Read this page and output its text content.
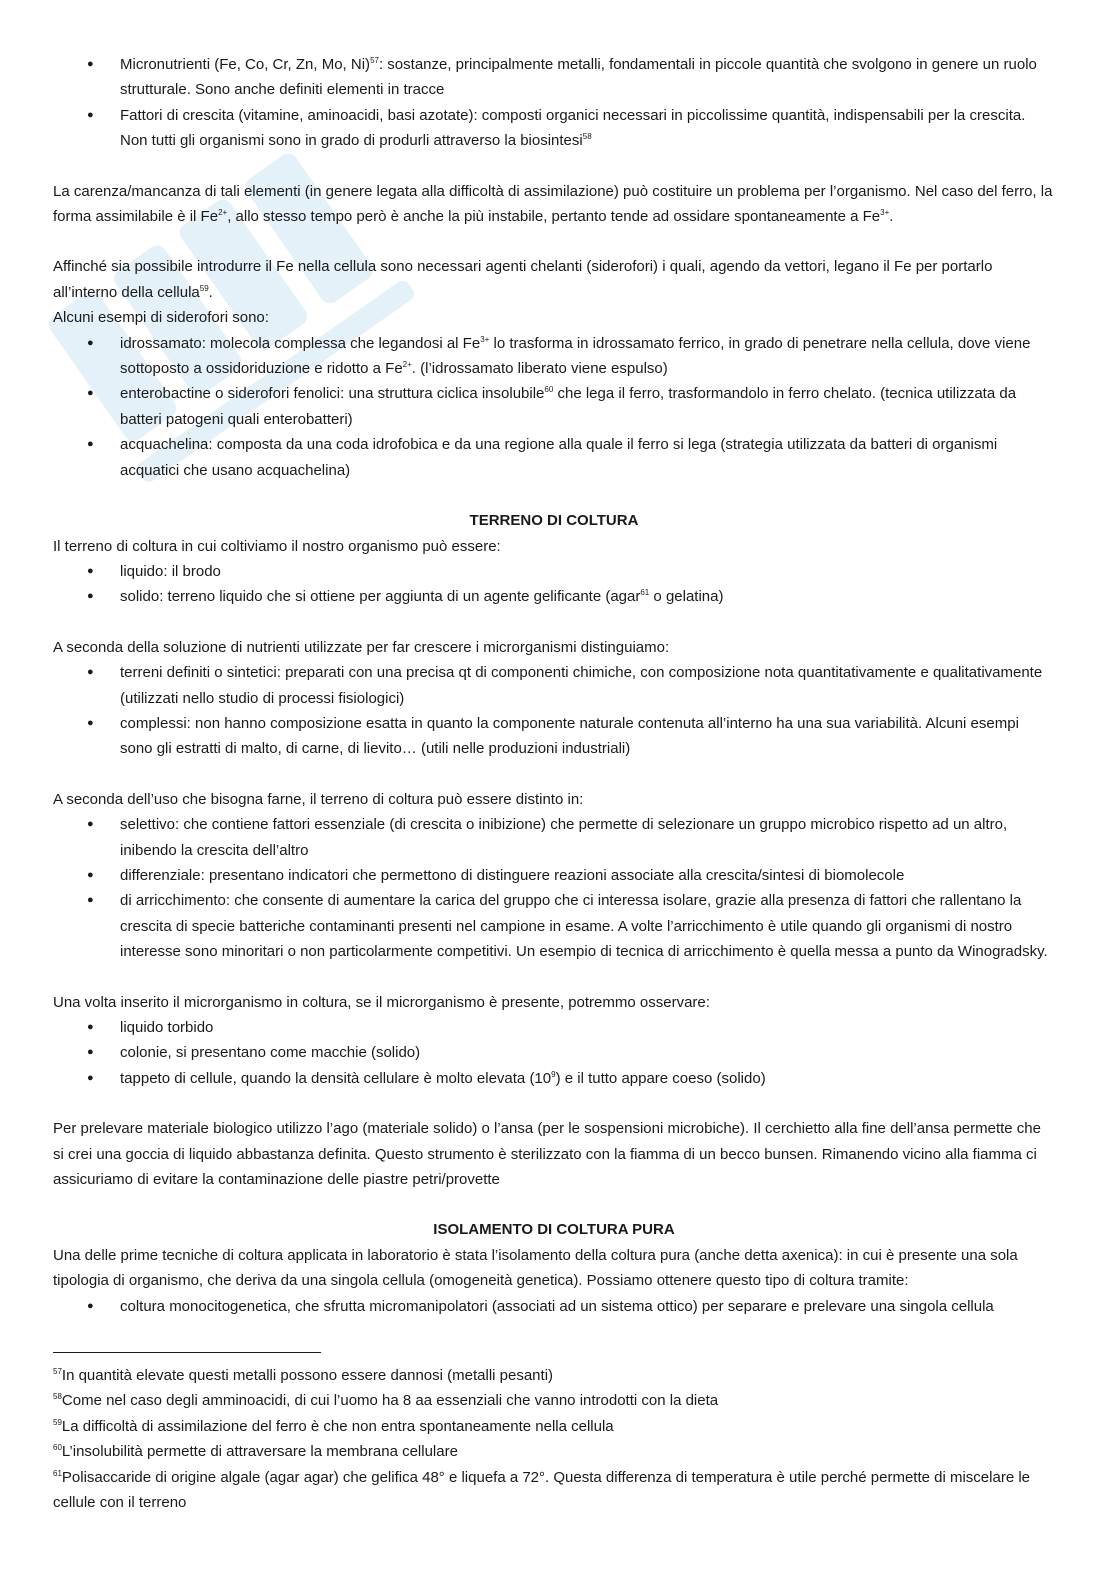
● Micronutrienti (Fe, Co, Cr, Zn, Mo, Ni)$^{57}$: sostanze, principalmente metalli, fondamentali in piccole quantità che svolgono in genere un ruolo strutturale. Sono anche definiti elementi in tracce
● Fattori di crescita (vitamine, aminoacidi, basi azotate): composti organici necessari in piccolissime quantità, indispensabili per la crescita. Non tutti gli organismi sono in grado di produrli attraverso la biosintesi$^{58}$

La carenza/mancanza di tali elementi (in genere legata alla difficoltà di assimilazione) può costituire un problema per l’organismo. Nel caso del ferro, la forma assimilabile è il $Fe^{2+}$, allo stesso tempo però è anche la più instabile, pertanto tende ad ossidare spontaneamente a $Fe^{3+}$.

Affinché sia possibile introdurre il Fe nella cellula sono necessari agenti chelanti (siderofori) i quali, agendo da vettori, legano il Fe per portarlo all’interno della cellula$^{59}$.

Alcuni esempi di siderofori sono:

● idrossamato: molecola complessa che legandosi al $Fe^{3+}$ lo trasforma in idrossamato ferrico, in grado di penetrare nella cellula, dove viene sottoposto a ossidoriduzione e ridotto a $Fe^{2+}$. (l’idrossamato liberato viene espulso)
● enterobactine o siderofori fenolici: una struttura ciclica insolubile$^{60}$ che lega il ferro, trasformandolo in ferro chelato. (tecnica utilizzata da batteri patogeni quali enterobatteri)
● acquachelina: composta da una coda idrofobica e da una regione alla quale il ferro si lega (strategia utilizzata da batteri di organismi acquatici che usano acquachelina)
TERRENO DI COLTURA

Il terreno di coltura in cui coltiviamo il nostro organismo può essere:

● liquido: il brodo
● solido: terreno liquido che si ottiene per aggiunta di un agente gelificante (agar$^{61}$ o gelatina)

A seconda della soluzione di nutrienti utilizzate per far crescere i microrganismi distinguiamo:

● terreni definiti o sintetici: preparati con una precisa qt di componenti chimiche, con composizione nota quantitativamente e qualitativamente (utilizzati nello studio di processi fisiologici)
● complessi: non hanno composizione esatta in quanto la componente naturale contenuta all’interno ha una sua variabilità. Alcuni esempi sono gli estratti di malto, di carne, di lievito… (utili nelle produzioni industriali)

A seconda dell’uso che bisogna farne, il terreno di coltura può essere distinto in:

● selettivo: che contiene fattori essenziale (di crescita o inibizione) che permette di selezionare un gruppo microbico rispetto ad un altro, inibendo la crescita dell’altro
● differenziale: presentano indicatori che permettono di distinguere reazioni associate alla crescita/sintesi di biomolecole
● di arricchimento: che consente di aumentare la carica del gruppo che ci interessa isolare, grazie alla presenza di fattori che rallentano la crescita di specie batteriche contaminanti presenti nel campione in esame. A volte l’arricchimento è utile quando gli organismi di nostro interesse sono minoritari o non particolarmente competitivi. Un esempio di tecnica di arricchimento è quella messa a punto da Winogradsky.

Una volta inserito il microrganismo in coltura, se il microrganismo è presente, potremmo osservare:

● liquido torbido
● colonie, si presentano come macchie (solido)
● tappeto di cellule, quando la densità cellulare è molto elevata $(10^9)$ e il tutto appare coeso (solido)

Per prelevare materiale biologico utilizzo l’ago (materiale solido) o l’ansa (per le sospensioni microbiche). Il cerchietto alla fine dell’ansa permette che si crei una goccia di liquido abbastanza definita. Questo strumento è sterilizzato con la fiamma di un becco bunsen. Rimanendo vicino alla fiamma ci assicuriamo di evitare la contaminazione delle piastre petri/provette

ISOLAMENTO DI COLTURA PURA

Una delle prime tecniche di coltura applicata in laboratorio è stata l’isolamento della coltura pura (anche detta axenica): in cui è presente una sola tipologia di organismo, che deriva da una singola cellula (omogeneità genetica). Possiamo ottenere questo tipo di coltura tramite:

● coltura monocitogenetica, che sfrutta micromanipolatori (associati ad un sistema ottico) per separare e prelevare una singola cellula

$^{57}$In quantità elevate questi metalli possono essere dannosi (metalli pesanti)

$^{58}$Come nel caso degli amminoacidi, di cui l’uomo ha 8 aa essenziali che vanno introdotti con la dieta

$^{59}$La difficoltà di assimilazione del ferro è che non entra spontaneamente nella cellula

$^{60}$L’insolubilità permette di attraversare la membrana cellulare

$^{61}$Polisaccaride di origine algale (agar agar) che gelifica 48° e liquefa a 72°. Questa differenza di temperatura è utile perché permette di miscelare le cellule con il terreno
